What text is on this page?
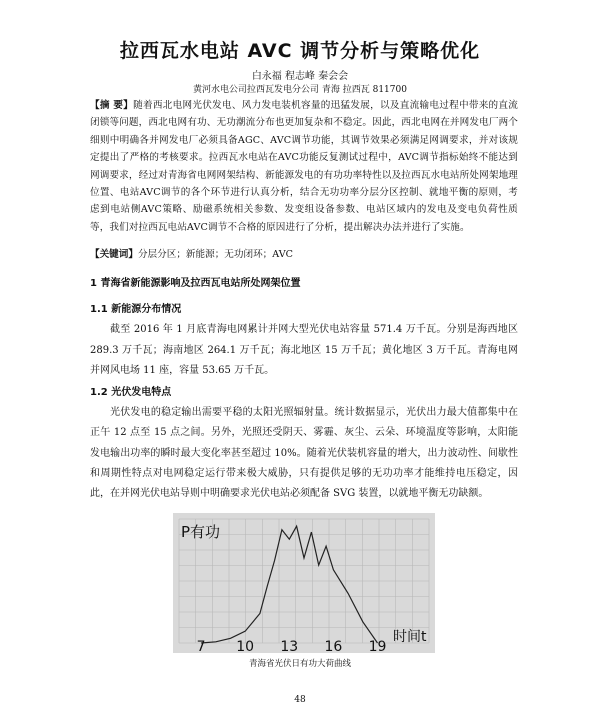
拉西瓦水电站 AVC 调节分析与策略优化
白永福 程志峰 秦会会
黄河水电公司拉西瓦发电分公司 青海 拉西瓦 811700
【摘 要】随着西北电网光伏发电、风力发电装机容量的迅猛发展，以及直流输电过程中带来的直流闭锁等问题，西北电网有功、无功潮流分布也更加复杂和不稳定。因此，西北电网在并网发电厂两个细则中明确各并网发电厂必须具备AGC、AVC调节功能，其调节效果必须满足网调要求，并对该规定提出了严格的考核要求。拉西瓦水电站在AVC功能反复测试过程中，AVC调节指标始终不能达到网调要求，经过对青海省电网网架结构、新能源发电的有功功率特性以及拉西瓦水电站所处网架地理位置、电站AVC调节的各个环节进行认真分析，结合无功功率分层分区控制、就地平衡的原则，考虑到电站侧AVC策略、励磁系统相关参数、发变组设备参数、电站区域内的发电及变电负荷性质等，我们对拉西瓦电站AVC调节不合格的原因进行了分析，提出解决办法并进行了实施。
【关键词】分层分区；新能源；无功闭环；AVC
1 青海省新能源影响及拉西瓦电站所处网架位置
1.1 新能源分布情况
截至 2016 年 1 月底青海电网累计并网大型光伏电站容量 571.4 万千瓦。分别是海西地区 289.3 万千瓦；海南地区 264.1 万千瓦；海北地区 15 万千瓦；黄化地区 3 万千瓦。青海电网并网风电场 11 座，容量 53.65 万千瓦。
1.2 光伏发电特点
光伏发电的稳定输出需要平稳的太阳光照辐射量。统计数据显示，光伏出力最大值都集中在正午 12 点至 15 点之间。另外，光照还受阴天、雾霾、灰尘、云朵、环境温度等影响，太阳能发电输出功率的瞬时最大变化率甚至超过 10%。随着光伏装机容量的增大，出力波动性、间歇性和周期性特点对电网稳定运行带来极大威胁，只有提供足够的无功功率才能维持电压稳定，因此，在并网光伏电站导则中明确要求光伏电站必须配备 SVG 装置，以就地平衡无功缺额。
P有功
时间t
7 10 13 16 19
青海省光伏日有功大荷曲线
48
